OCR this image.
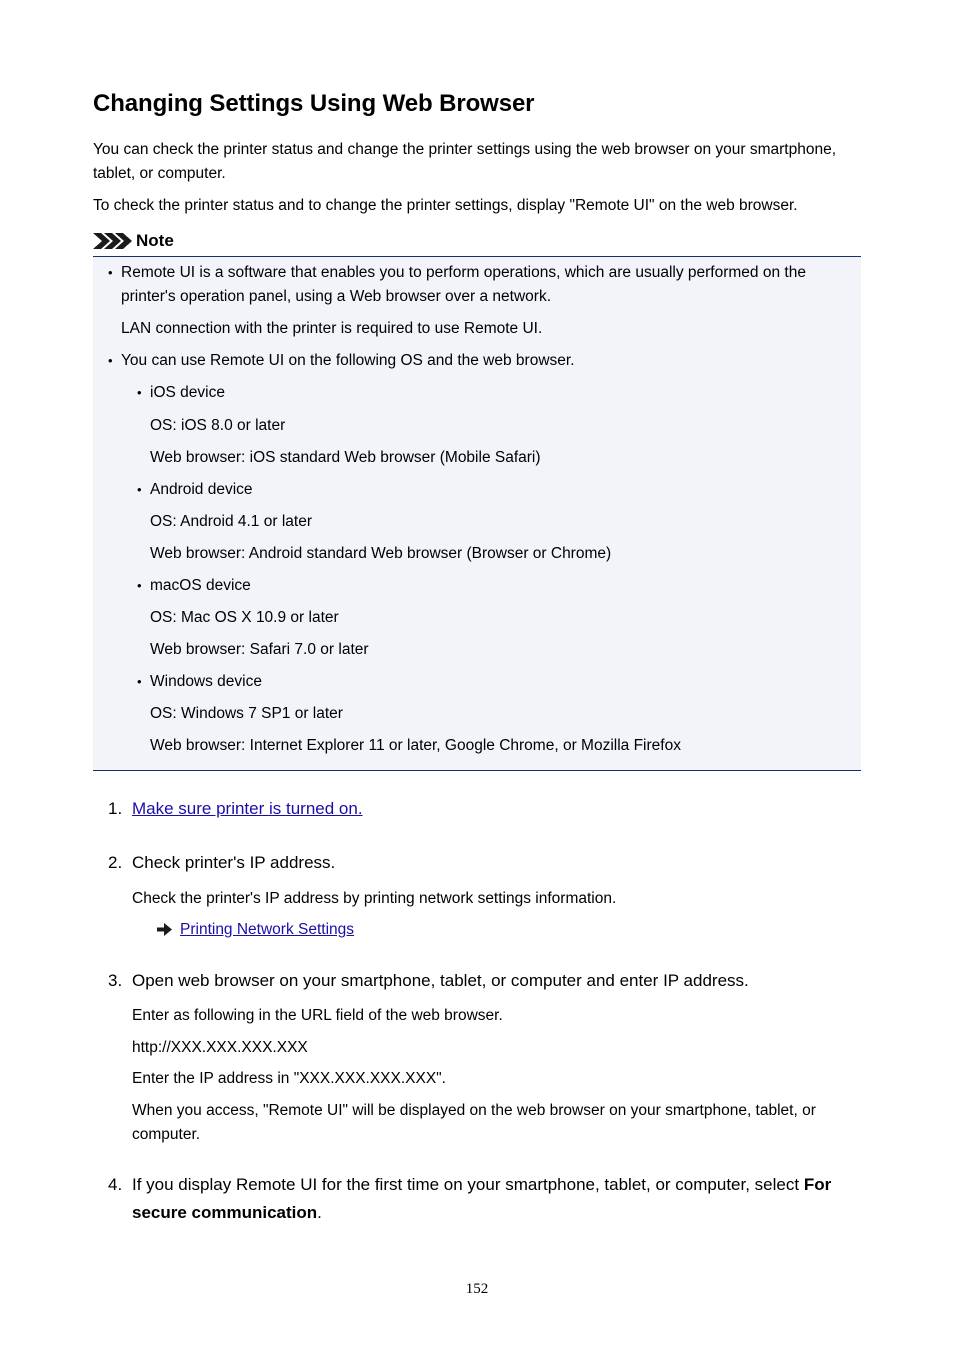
Changing Settings Using Web Browser

You can check the printer status and change the printer settings using the web browser on your smartphone, tablet, or computer.

To check the printer status and to change the printer settings, display "Remote UI" on the web browser.

Note
• Remote UI is a software that enables you to perform operations, which are usually performed on the
printer's operation panel, using a Web browser over a network.
LAN connection with the printer is required to use Remote UI.
• You can use Remote UI on the following OS and the web browser.
• iOS device
OS: iOS 8.0 or later
Web browser: iOS standard Web browser (Mobile Safari)
• Android device
OS: Android 4.1 or later
Web browser: Android standard Web browser (Browser or Chrome)
• macOS device
OS: Mac OS X 10.9 or later
Web browser: Safari 7.0 or later
• Windows device
OS: Windows 7 SP1 or later
Web browser: Internet Explorer 11 or later, Google Chrome, or Mozilla Firefox
1. Make sure printer is turned on.
2. Check printer's IP address.
Check the printer's IP address by printing network settings information.
Printing Network Settings
3. Open web browser on your smartphone, tablet, or computer and enter IP address.
Enter as following in the URL field of the web browser.
http://XXX.XXX.XXX.XXX
Enter the IP address in "XXX.XXX.XXX.XXX".
When you access, "Remote UI" will be displayed on the web browser on your smartphone, tablet, or computer.
4. If you display Remote UI for the first time on your smartphone, tablet, or computer, select For secure communication.
152
